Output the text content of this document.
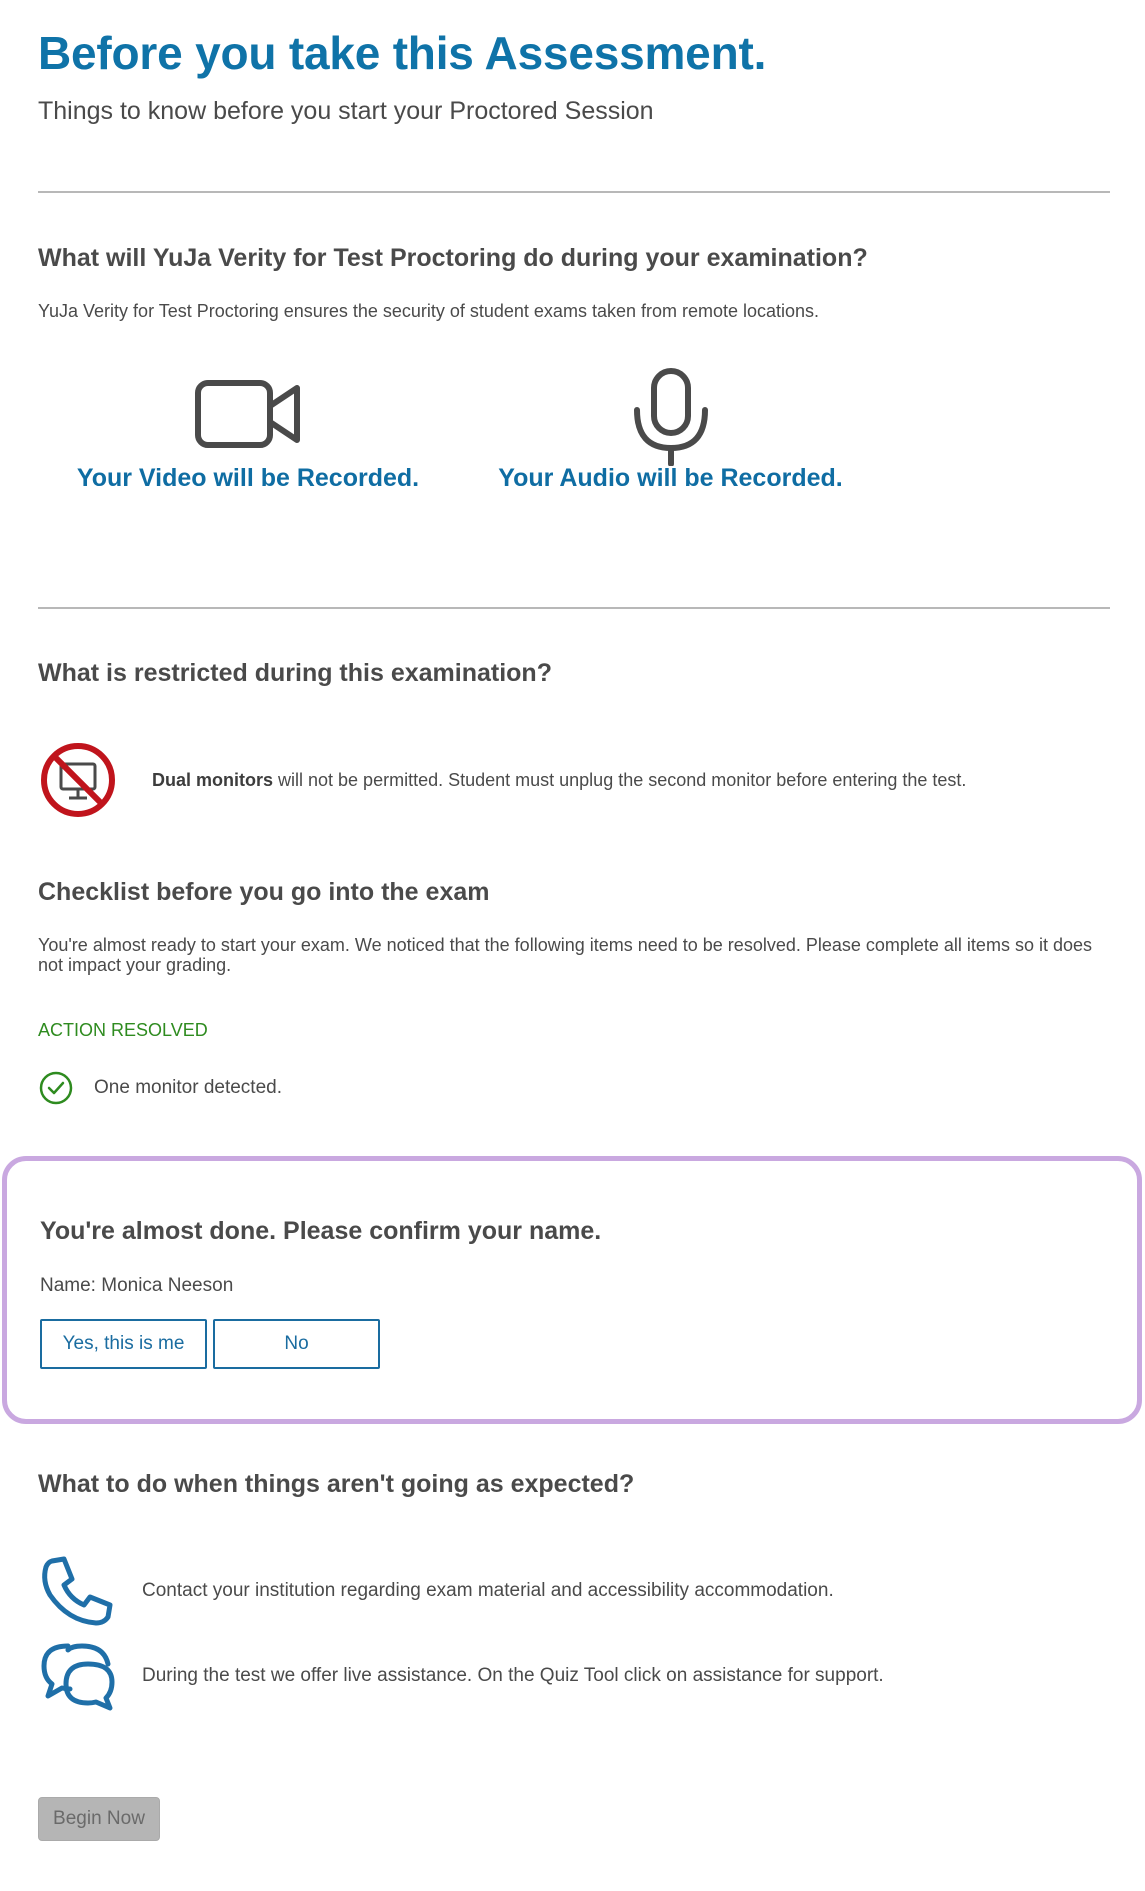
Before you take this Assessment.
Things to know before you start your Proctored Session
What will YuJa Verity for Test Proctoring do during your examination?
YuJa Verity for Test Proctoring ensures the security of student exams taken from remote locations.
Your Video will be Recorded.	Your Audio will be Recorded.
What is restricted during this examination?
Dual monitors will not be permitted. Student must unplug the second monitor before entering the test.
Checklist before you go into the exam
You're almost ready to start your exam. We noticed that the following items need to be resolved. Please complete all items so it does not impact your grading.
ACTION RESOLVED
One monitor detected.
You're almost done. Please confirm your name.
Name: Monica Neeson
Yes, this is me	No
What to do when things aren't going as expected?
Contact your institution regarding exam material and accessibility accommodation.
During the test we offer live assistance. On the Quiz Tool click on assistance for support.
Begin Now
